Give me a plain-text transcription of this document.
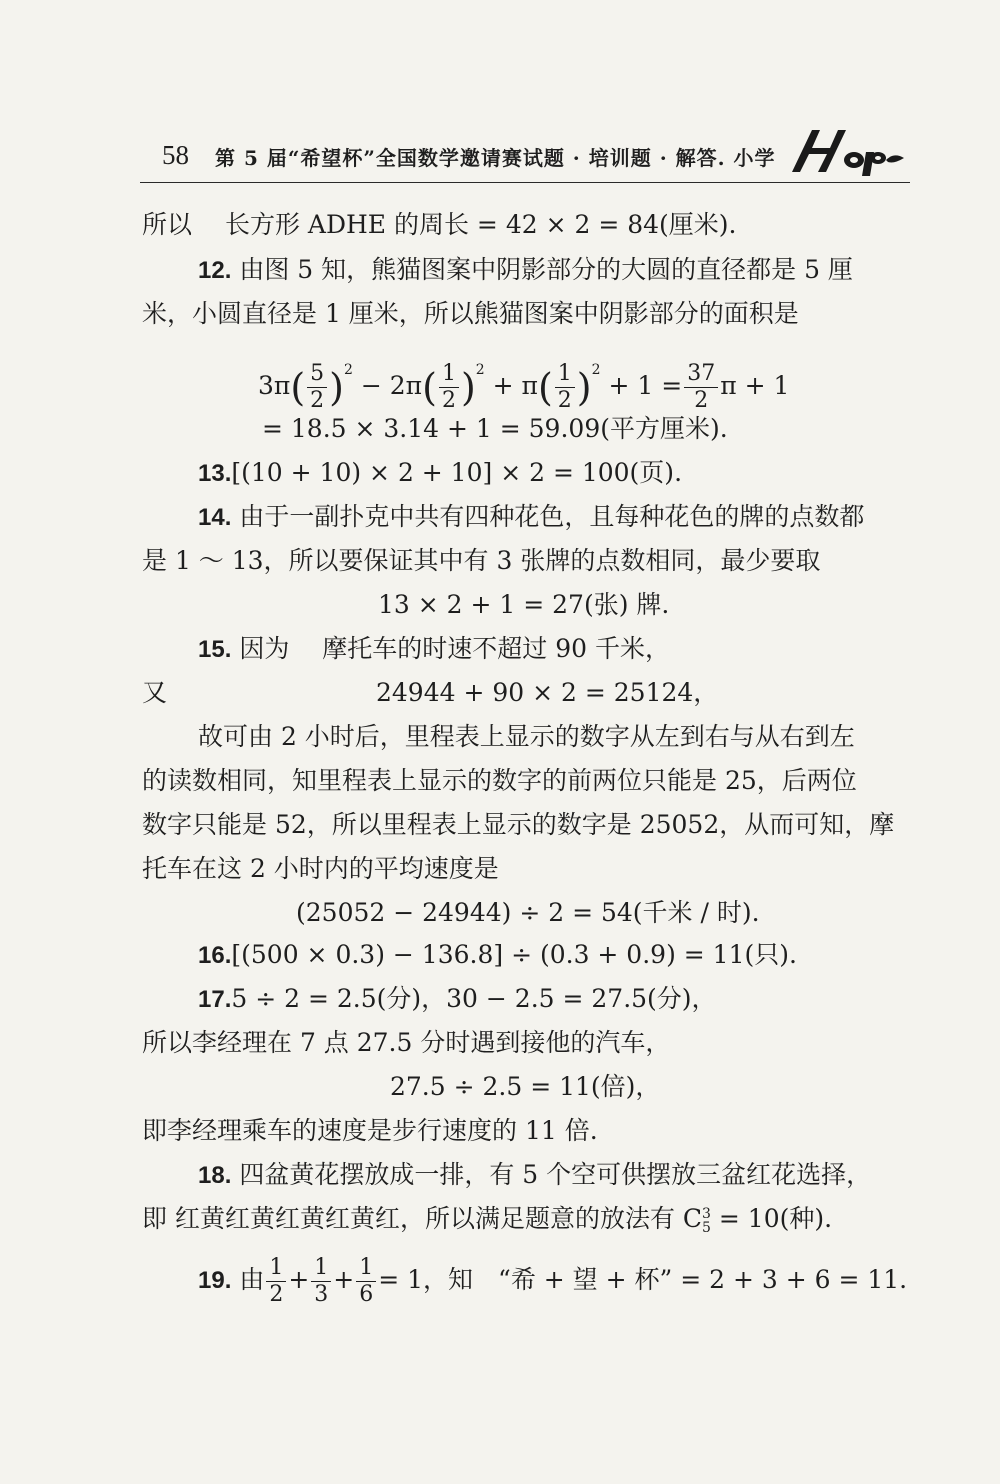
58 第 5 届“希望杯”全国数学邀请赛试题 · 培训题 · 解答. 小学
所以　 长方形 ADHE 的周长 = 42 × 2 = 84(厘米).
12. 由图 5 知，熊猫图案中阴影部分的大圆的直径都是 5 厘
米，小圆直径是 1 厘米，所以熊猫图案中阴影部分的面积是
$3\pi( \frac{5}{2} )^2 - 2\pi( \frac{1}{2} )^2 + \pi( \frac{1}{2} )^2 + 1 = \frac{37}{2}$ π + 1
= 18.5 × 3.14 + 1 = 59.09(平方厘米).
13.[(10 + 10) × 2 + 10] × 2 = 100(页).
14. 由于一副扑克中共有四种花色，且每种花色的牌的点数都
是 1 ～ 13，所以要保证其中有 3 张牌的点数相同，最少要取
13 × 2 + 1 = 27(张) 牌.
15. 因为　 摩托车的时速不超过 90 千米，
又	24944 + 90 × 2 = 25124，
故可由 2 小时后，里程表上显示的数字从左到右与从右到左
的读数相同，知里程表上显示的数字的前两位只能是 25，后两位
数字只能是 52，所以里程表上显示的数字是 25052，从而可知，摩
托车在这 2 小时内的平均速度是
(25052 − 24944) ÷ 2 = 54(千米 / 时).
16.[(500 × 0.3) − 136.8] ÷ (0.3 + 0.9) = 11(只).
17.5 ÷ 2 = 2.5(分)，30 − 2.5 = 27.5(分)，
所以李经理在 7 点 27.5 分时遇到接他的汽车，
27.5 ÷ 2.5 = 11(倍)，
即李经理乘车的速度是步行速度的 11 倍.
18. 四盆黄花摆放成一排，有 5 个空可供摆放三盆红花选择，
即 红黄红黄红黄红黄红，所以满足题意的放法有 C 3
5 = 10(种).
19. 由 $\frac{1}{2} + \frac{1}{3} + \frac{1}{6} = 1$，知　“希 + 望 + 杯” = 2 + 3 + 6 = 11.
